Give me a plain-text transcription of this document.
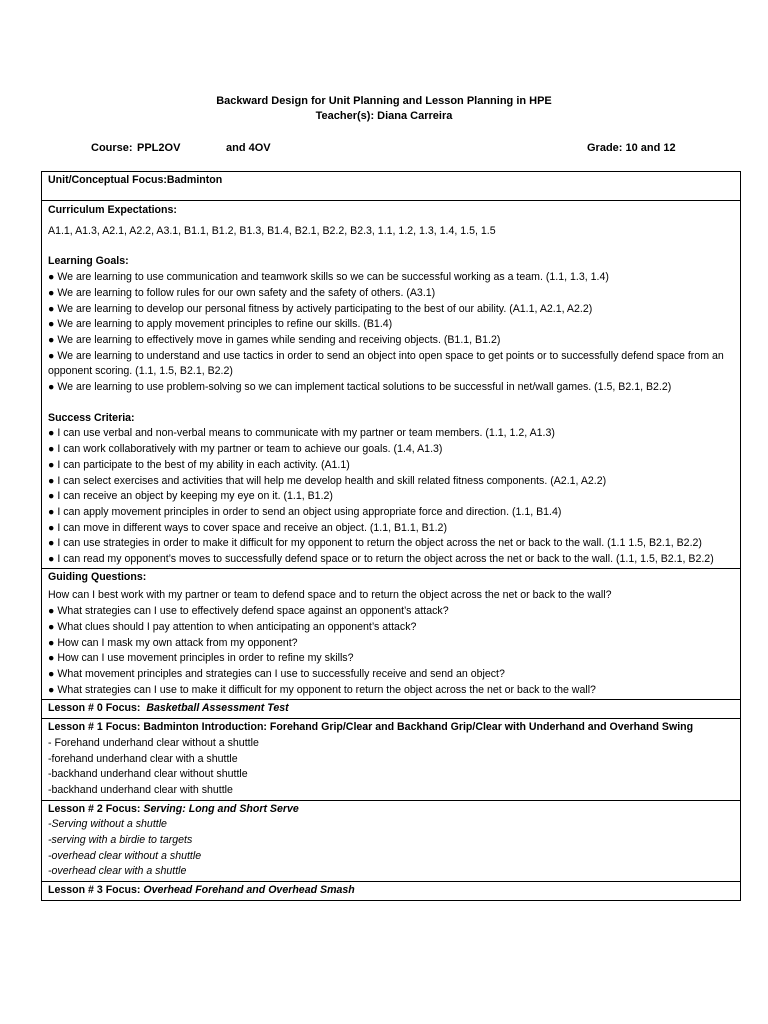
Backward Design for Unit Planning and Lesson Planning in HPE
Teacher(s): Diana Carreira
Course: PPL2OV	and 4OV	Grade: 10 and 12
Unit/Conceptual Focus:Badminton

Curriculum Expectations:
A1.1, A1.3, A2.1, A2.2, A3.1, B1.1, B1.2, B1.3, B1.4, B2.1, B2.2, B2.3, 1.1, 1.2, 1.3, 1.4, 1.5, 1.5
Learning Goals:
● We are learning to use communication and teamwork skills so we can be successful working as a team. (1.1, 1.3, 1.4)
● We are learning to follow rules for our own safety and the safety of others. (A3.1)
● We are learning to develop our personal fitness by actively participating to the best of our ability. (A1.1, A2.1, A2.2)
● We are learning to apply movement principles to refine our skills. (B1.4)
● We are learning to effectively move in games while sending and receiving objects. (B1.1, B1.2)
● We are learning to understand and use tactics in order to send an object into open space to get points or to successfully defend space from an opponent scoring. (1.1, 1.5, B2.1, B2.2)
● We are learning to use problem-solving so we can implement tactical solutions to be successful in net/wall games. (1.5, B2.1, B2.2)
Success Criteria:
● I can use verbal and non-verbal means to communicate with my partner or team members. (1.1, 1.2, A1.3)
● I can work collaboratively with my partner or team to achieve our goals. (1.4, A1.3)
● I can participate to the best of my ability in each activity. (A1.1)
● I can select exercises and activities that will help me develop health and skill related fitness components. (A2.1, A2.2)
● I can receive an object by keeping my eye on it. (1.1, B1.2)
● I can apply movement principles in order to send an object using appropriate force and direction. (1.1, B1.4)
● I can move in different ways to cover space and receive an object. (1.1, B1.1, B1.2)
● I can use strategies in order to make it difficult for my opponent to return the object across the net or back to the wall. (1.1 1.5, B2.1, B2.2)
● I can read my opponent’s moves to successfully defend space or to return the object across the net or back to the wall. (1.1, 1.5, B2.1, B2.2)

Guiding Questions:
How can I best work with my partner or team to defend space and to return the object across the net or back to the wall?
● What strategies can I use to effectively defend space against an opponent’s attack?
● What clues should I pay attention to when anticipating an opponent’s attack?
● How can I mask my own attack from my opponent?
● How can I use movement principles in order to refine my skills?
● What movement principles and strategies can I use to successfully receive and send an object?
● What strategies can I use to make it difficult for my opponent to return the object across the net or back to the wall?

Lesson # 0 Focus: Basketball Assessment Test

Lesson # 1 Focus: Badminton Introduction: Forehand Grip/Clear and Backhand Grip/Clear with Underhand and Overhand Swing
- Forehand underhand clear without a shuttle
-forehand underhand clear with a shuttle
-backhand underhand clear without shuttle
-backhand underhand clear with shuttle

Lesson # 2 Focus: Serving: Long and Short Serve
-Serving without a shuttle
-serving with a birdie to targets
-overhead clear without a shuttle
-overhead clear with a shuttle

Lesson # 3 Focus: Overhead Forehand and Overhead Smash
